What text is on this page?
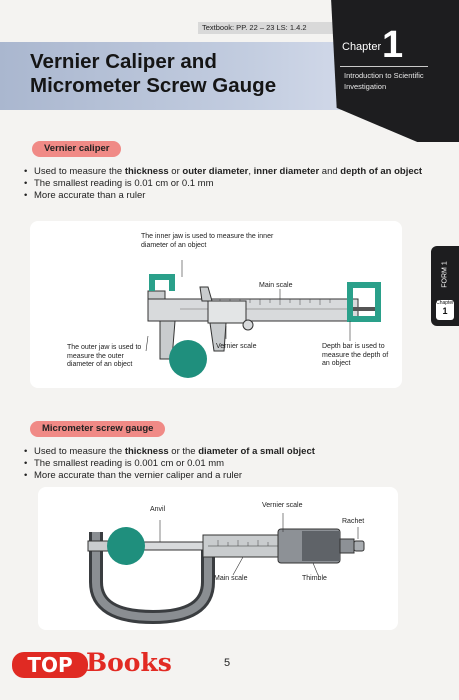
Textbook: PP. 22 – 23 LS: 1.4.2
Vernier Caliper and
Micrometer Screw Gauge
Chapter 1
Introduction to Scientific Investigation
FORM 1
Chapter
1
Vernier caliper
• Used to measure the thickness or outer diameter, inner diameter and depth of an object
• The smallest reading is 0.01 cm or 0.1 mm
• More accurate than a ruler
The inner jaw is used to measure the inner diameter of an object
Main scale
The outer jaw is used to measure the outer diameter of an object
Vernier scale	Depth bar is used to measure the depth of an object
Micrometer screw gauge
• Used to measure the thickness or the diameter of a small object
• The smallest reading is 0.001 cm or 0.01 mm
• More accurate than the vernier caliper and a ruler
Anvil
Vernier scale
Rachet
Main scale	Thimble
5
TOP Books
